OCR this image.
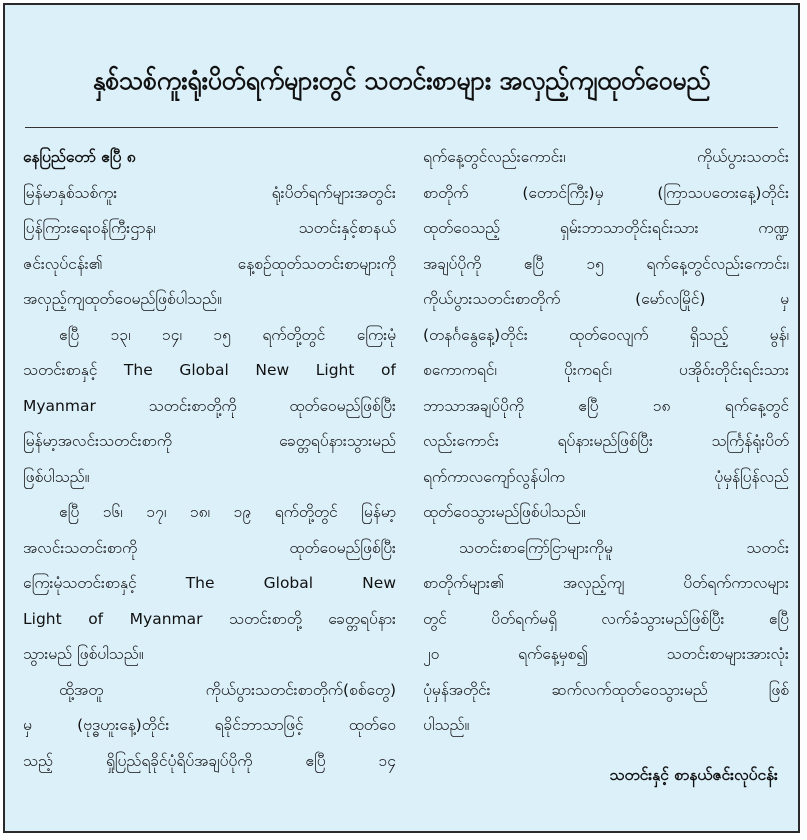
နှစ်သစ်ကူးရုံးပိတ်ရက်များတွင် သတင်းစာများ အလှည့်ကျထုတ်ဝေမည်
နေပြည်တော် ဧပြီ ၈
မြန်မာနှစ်သစ်ကူး ရုံးပိတ်ရက်များအတွင်း
ပြန်ကြားရေးဝန်ကြီးဌာန၊ သတင်းနှင့်စာနယ်
ဇင်းလုပ်ငန်း၏ နေ့စဉ်ထုတ်သတင်းစာများကို
အလှည့်ကျထုတ်ဝေမည်ဖြစ်ပါသည်။
ဧပြီ ၁၃၊ ၁၄၊ ၁၅ ရက်တို့တွင် ကြေးမုံ
သတင်းစာနှင့် The Global New Light of
Myanmar သတင်းစာတို့ကို ထုတ်ဝေမည်ဖြစ်ပြီး
မြန်မာ့အလင်းသတင်းစာကို ခေတ္တရပ်နားသွားမည်
ဖြစ်ပါသည်။
ဧပြီ ၁၆၊ ၁၇၊ ၁၈၊ ၁၉ ရက်တို့တွင် မြန်မာ့
အလင်းသတင်းစာကို ထုတ်ဝေမည်ဖြစ်ပြီး
ကြေးမုံသတင်းစာနှင့် The Global New
Light of Myanmar သတင်းစာတို့ ခေတ္တရပ်နား
သွားမည် ဖြစ်ပါသည်။
ထို့အတူ ကိုယ်ပွားသတင်းစာတိုက်(စစ်တွေ)
မှ (ဗုဒ္ဓဟူးနေ့)တိုင်း ရခိုင်ဘာသာဖြင့် ထုတ်ဝေ
သည့် ရှိုပြည်ရခိုင်ပုံရိပ်အချပ်ပိုကို ဧပြီ ၁၄
ရက်နေ့တွင်လည်းကောင်း၊ ကိုယ်ပွားသတင်း
စာတိုက် (တောင်ကြီး)မှ (ကြာသပတေးနေ့)တိုင်း
ထုတ်ဝေသည့် ရှမ်းဘာသာတိုင်းရင်းသား ကဏ္ဍ
အချပ်ပိုကို ဧပြီ ၁၅ ရက်နေ့တွင်လည်းကောင်း၊
ကိုယ်ပွားသတင်းစာတိုက် (မော်လမြိုင်) မှ
(တနင်္ဂနွေနေ့)တိုင်း ထုတ်ဝေလျက် ရှိသည့် မွန်၊
စကောကရင်၊ ပိုးကရင်၊ ပအိုဝ်းတိုင်းရင်းသား
ဘာသာအချပ်ပိုကို ဧပြီ ၁၈ ရက်နေ့တွင်
လည်းကောင်း ရပ်နားမည်ဖြစ်ပြီး သင်္ကြန်ရုံးပိတ်
ရက်ကာလကျော်လွန်ပါက ပုံမှန်ပြန်လည်
ထုတ်ဝေသွားမည်ဖြစ်ပါသည်။
သတင်းစာကြော်ငြာများကိုမူ သတင်း
စာတိုက်များ၏ အလှည့်ကျ ပိတ်ရက်ကာလများ
တွင် ပိတ်ရက်မရှိ လက်ခံသွားမည်ဖြစ်ပြီး ဧပြီ
၂၀ ရက်နေ့မှစ၍ သတင်းစာများအားလုံး
ပုံမှန်အတိုင်း ဆက်လက်ထုတ်ဝေသွားမည် ဖြစ်
ပါသည်။
သတင်းနှင့် စာနယ်ဇင်းလုပ်ငန်း
